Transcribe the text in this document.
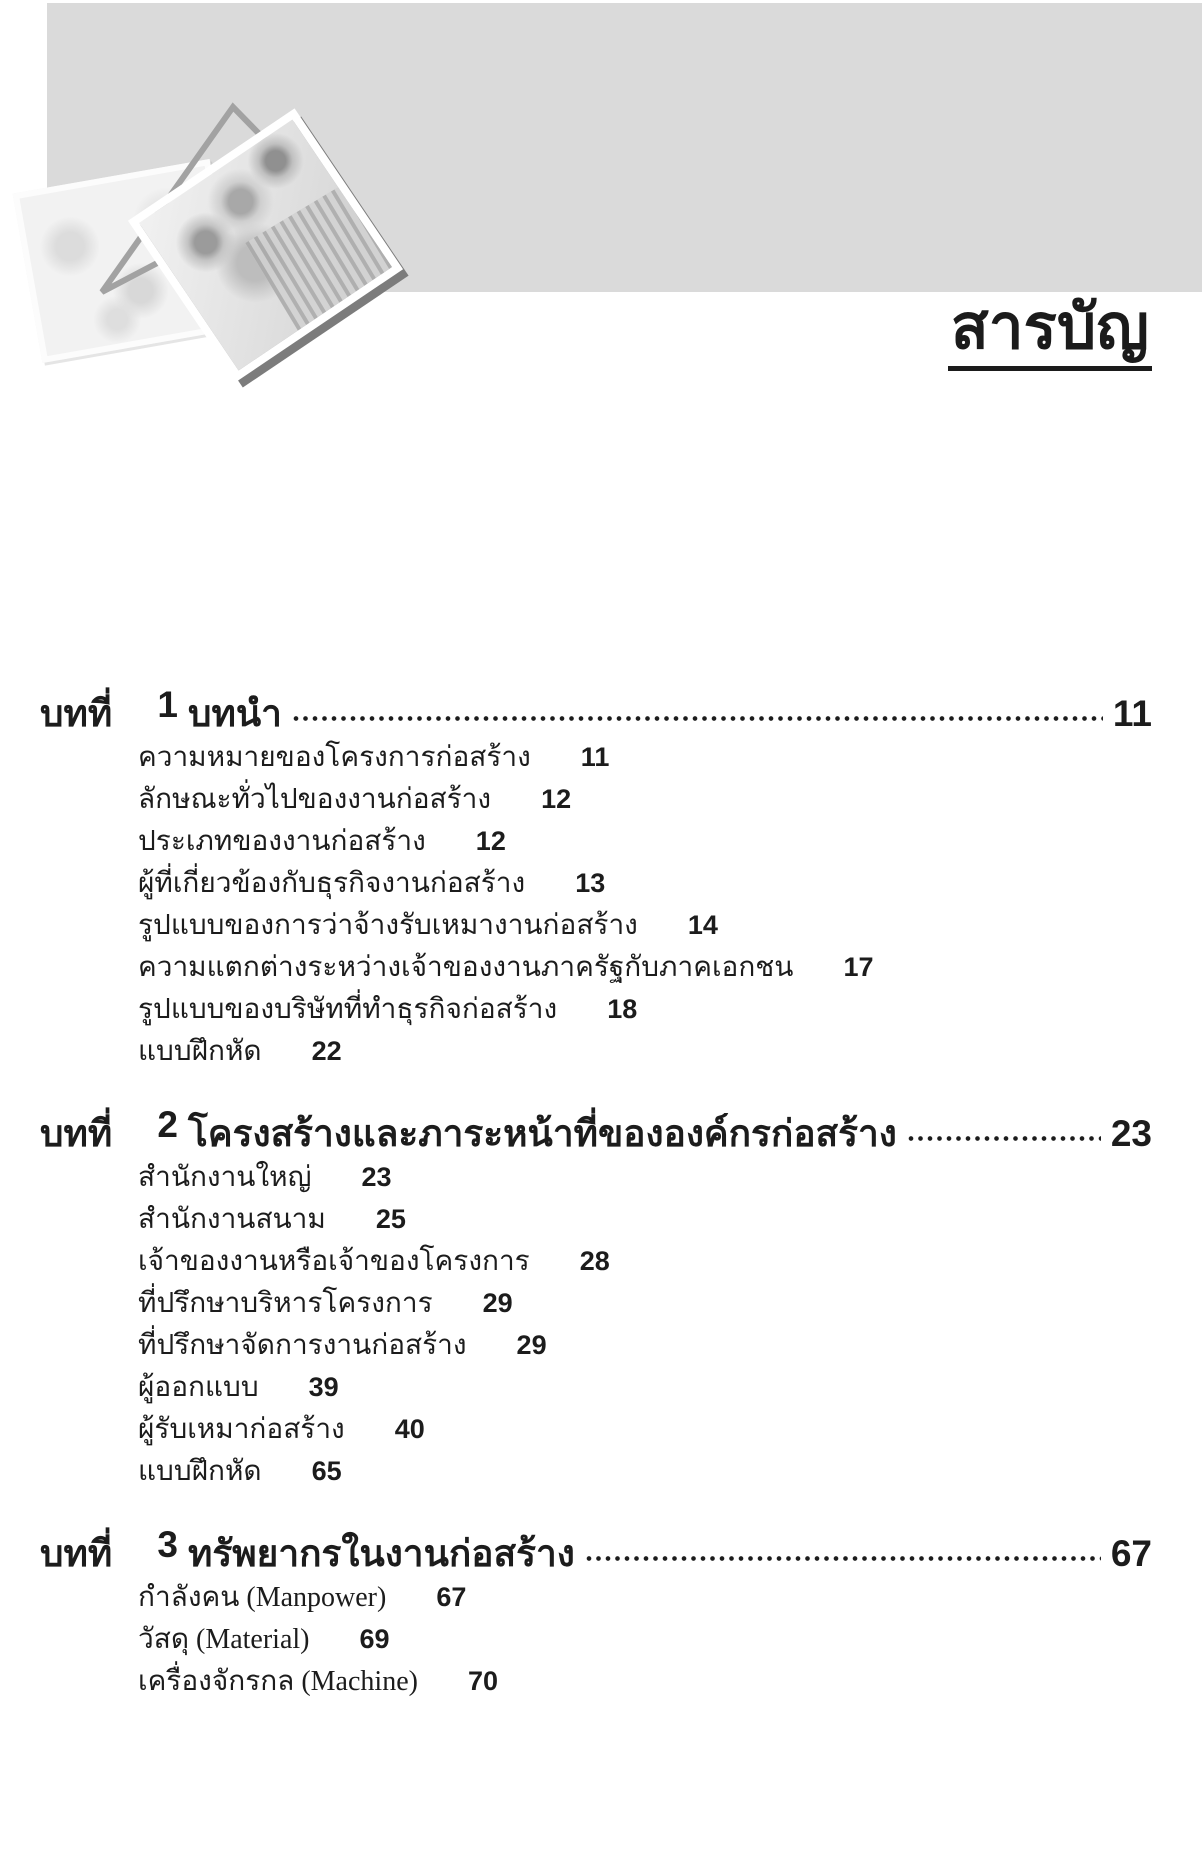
สารบัญ
บทที่ 1 บทนำ	11
ความหมายของโครงการก่อสร้าง 11
ลักษณะทั่วไปของงานก่อสร้าง 12
ประเภทของงานก่อสร้าง 12
ผู้ที่เกี่ยวข้องกับธุรกิจงานก่อสร้าง 13
รูปแบบของการว่าจ้างรับเหมางานก่อสร้าง 14
ความแตกต่างระหว่างเจ้าของงานภาครัฐกับภาคเอกชน 17
รูปแบบของบริษัทที่ทำธุรกิจก่อสร้าง 18
แบบฝึกหัด 22
บทที่ 2 โครงสร้างและภาระหน้าที่ขององค์กรก่อสร้าง	23
สำนักงานใหญ่ 23
สำนักงานสนาม 25
เจ้าของงานหรือเจ้าของโครงการ 28
ที่ปรึกษาบริหารโครงการ 29
ที่ปรึกษาจัดการงานก่อสร้าง 29
ผู้ออกแบบ 39
ผู้รับเหมาก่อสร้าง 40
แบบฝึกหัด 65
บทที่ 3 ทรัพยากรในงานก่อสร้าง	67
กำลังคน (Manpower) 67
วัสดุ (Material) 69
เครื่องจักรกล (Machine) 70
